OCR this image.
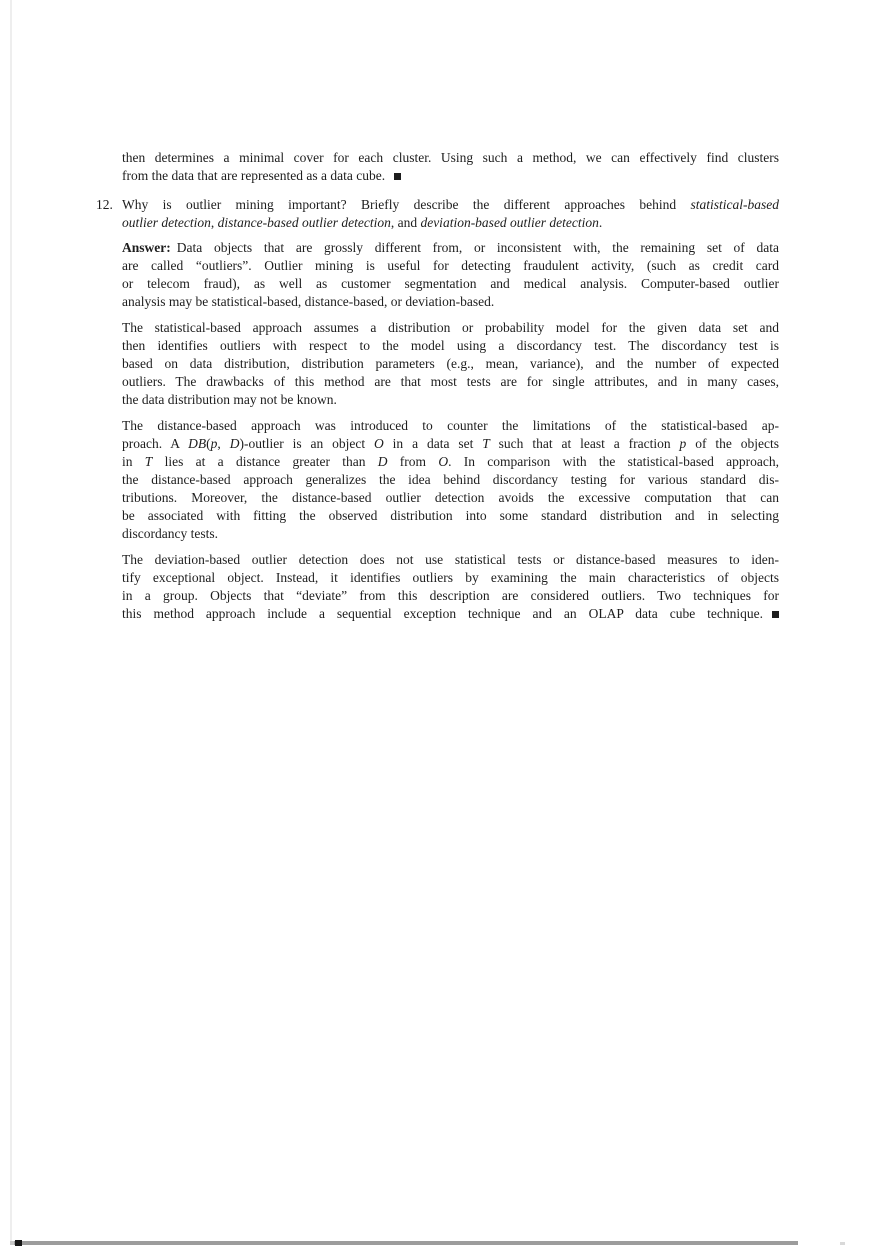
then determines a minimal cover for each cluster. Using such a method, we can effectively find clusters
from the data that are represented as a data cube.
12. Why is outlier mining important? Briefly describe the different approaches behind statistical-based
outlier detection, distance-based outlier detection, and deviation-based outlier detection.
Answer: Data objects that are grossly different from, or inconsistent with, the remaining set of data
are called “outliers”. Outlier mining is useful for detecting fraudulent activity, (such as credit card
or telecom fraud), as well as customer segmentation and medical analysis. Computer-based outlier
analysis may be statistical-based, distance-based, or deviation-based.
The statistical-based approach assumes a distribution or probability model for the given data set and
then identifies outliers with respect to the model using a discordancy test. The discordancy test is
based on data distribution, distribution parameters (e.g., mean, variance), and the number of expected
outliers. The drawbacks of this method are that most tests are for single attributes, and in many cases,
the data distribution may not be known.
The distance-based approach was introduced to counter the limitations of the statistical-based ap-
proach. A DB(p, D)-outlier is an object O in a data set T such that at least a fraction p of the objects
in T lies at a distance greater than D from O. In comparison with the statistical-based approach,
the distance-based approach generalizes the idea behind discordancy testing for various standard dis-
tributions. Moreover, the distance-based outlier detection avoids the excessive computation that can
be associated with fitting the observed distribution into some standard distribution and in selecting
discordancy tests.
The deviation-based outlier detection does not use statistical tests or distance-based measures to iden-
tify exceptional object. Instead, it identifies outliers by examining the main characteristics of objects
in a group. Objects that “deviate” from this description are considered outliers. Two techniques for
this method approach include a sequential exception technique and an OLAP data cube technique.
